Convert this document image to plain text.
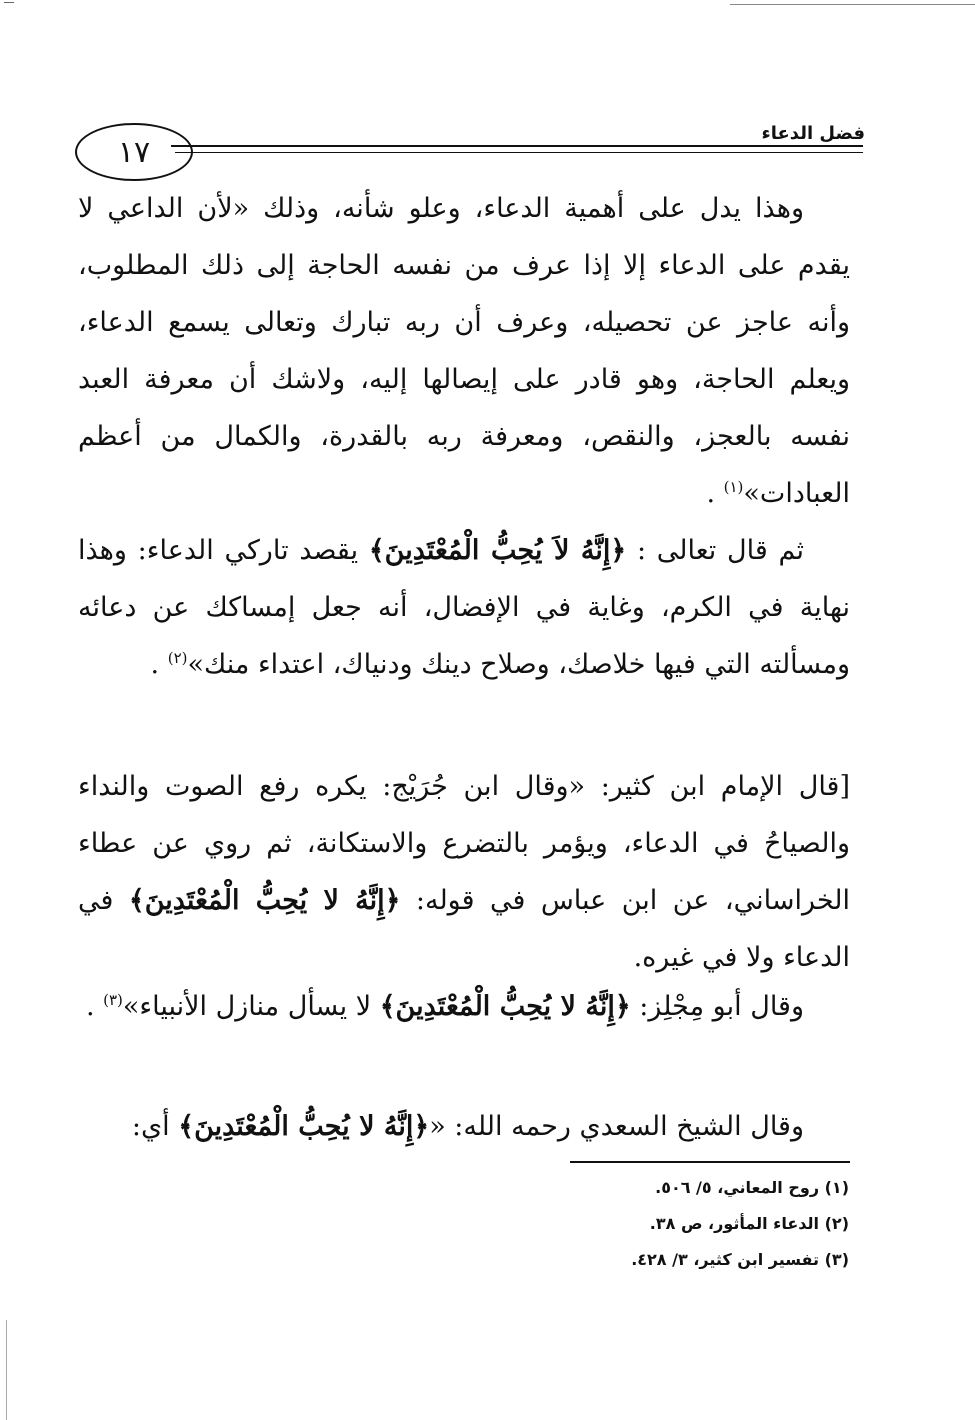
١٧
فضل الدعاء
وهذا يدل على أهمية الدعاء، وعلو شأنه، وذلك «لأن الداعي لا يقدم على الدعاء إلا إذا عرف من نفسه الحاجة إلى ذلك المطلوب، وأنه عاجز عن تحصيله، وعرف أن ربه تبارك وتعالى يسمع الدعاء، ويعلم الحاجة، وهو قادر على إيصالها إليه، ولاشك أن معرفة العبد نفسه بالعجز، والنقص، ومعرفة ربه بالقدرة، والكمال من أعظم العبادات»$^{(١)}$ .
ثم قال تعالى : ﴿إِنَّهُ لاَ يُحِبُّ الْمُعْتَدِينَ﴾ يقصد تاركي الدعاء: وهذا نهاية في الكرم، وغاية في الإفضال، أنه جعل إمساكك عن دعائه ومسألته التي فيها خلاصك، وصلاح دينك ودنياك، اعتداء منك»$^{(٢)}$ .
[قال الإمام ابن كثير: «وقال ابن جُرَيْج: يكره رفع الصوت والنداء والصياحُ في الدعاء، ويؤمر بالتضرع والاستكانة، ثم روي عن عطاء الخراساني، عن ابن عباس في قوله: ﴿إِنَّهُ لا يُحِبُّ الْمُعْتَدِينَ﴾ في الدعاء ولا في غيره.
وقال أبو مِجْلِز: ﴿إِنَّهُ لا يُحِبُّ الْمُعْتَدِينَ﴾ لا يسأل منازل الأنبياء»$^{(٣)}$ .
وقال الشيخ السعدي رحمه الله: «﴿إِنَّهُ لا يُحِبُّ الْمُعْتَدِينَ﴾ أي:
(١) روح المعاني، ٥/ ٥٠٦.
(٢) الدعاء المأثور، ص ٣٨.
(٣) تفسير ابن كثير، ٣/ ٤٢٨.
